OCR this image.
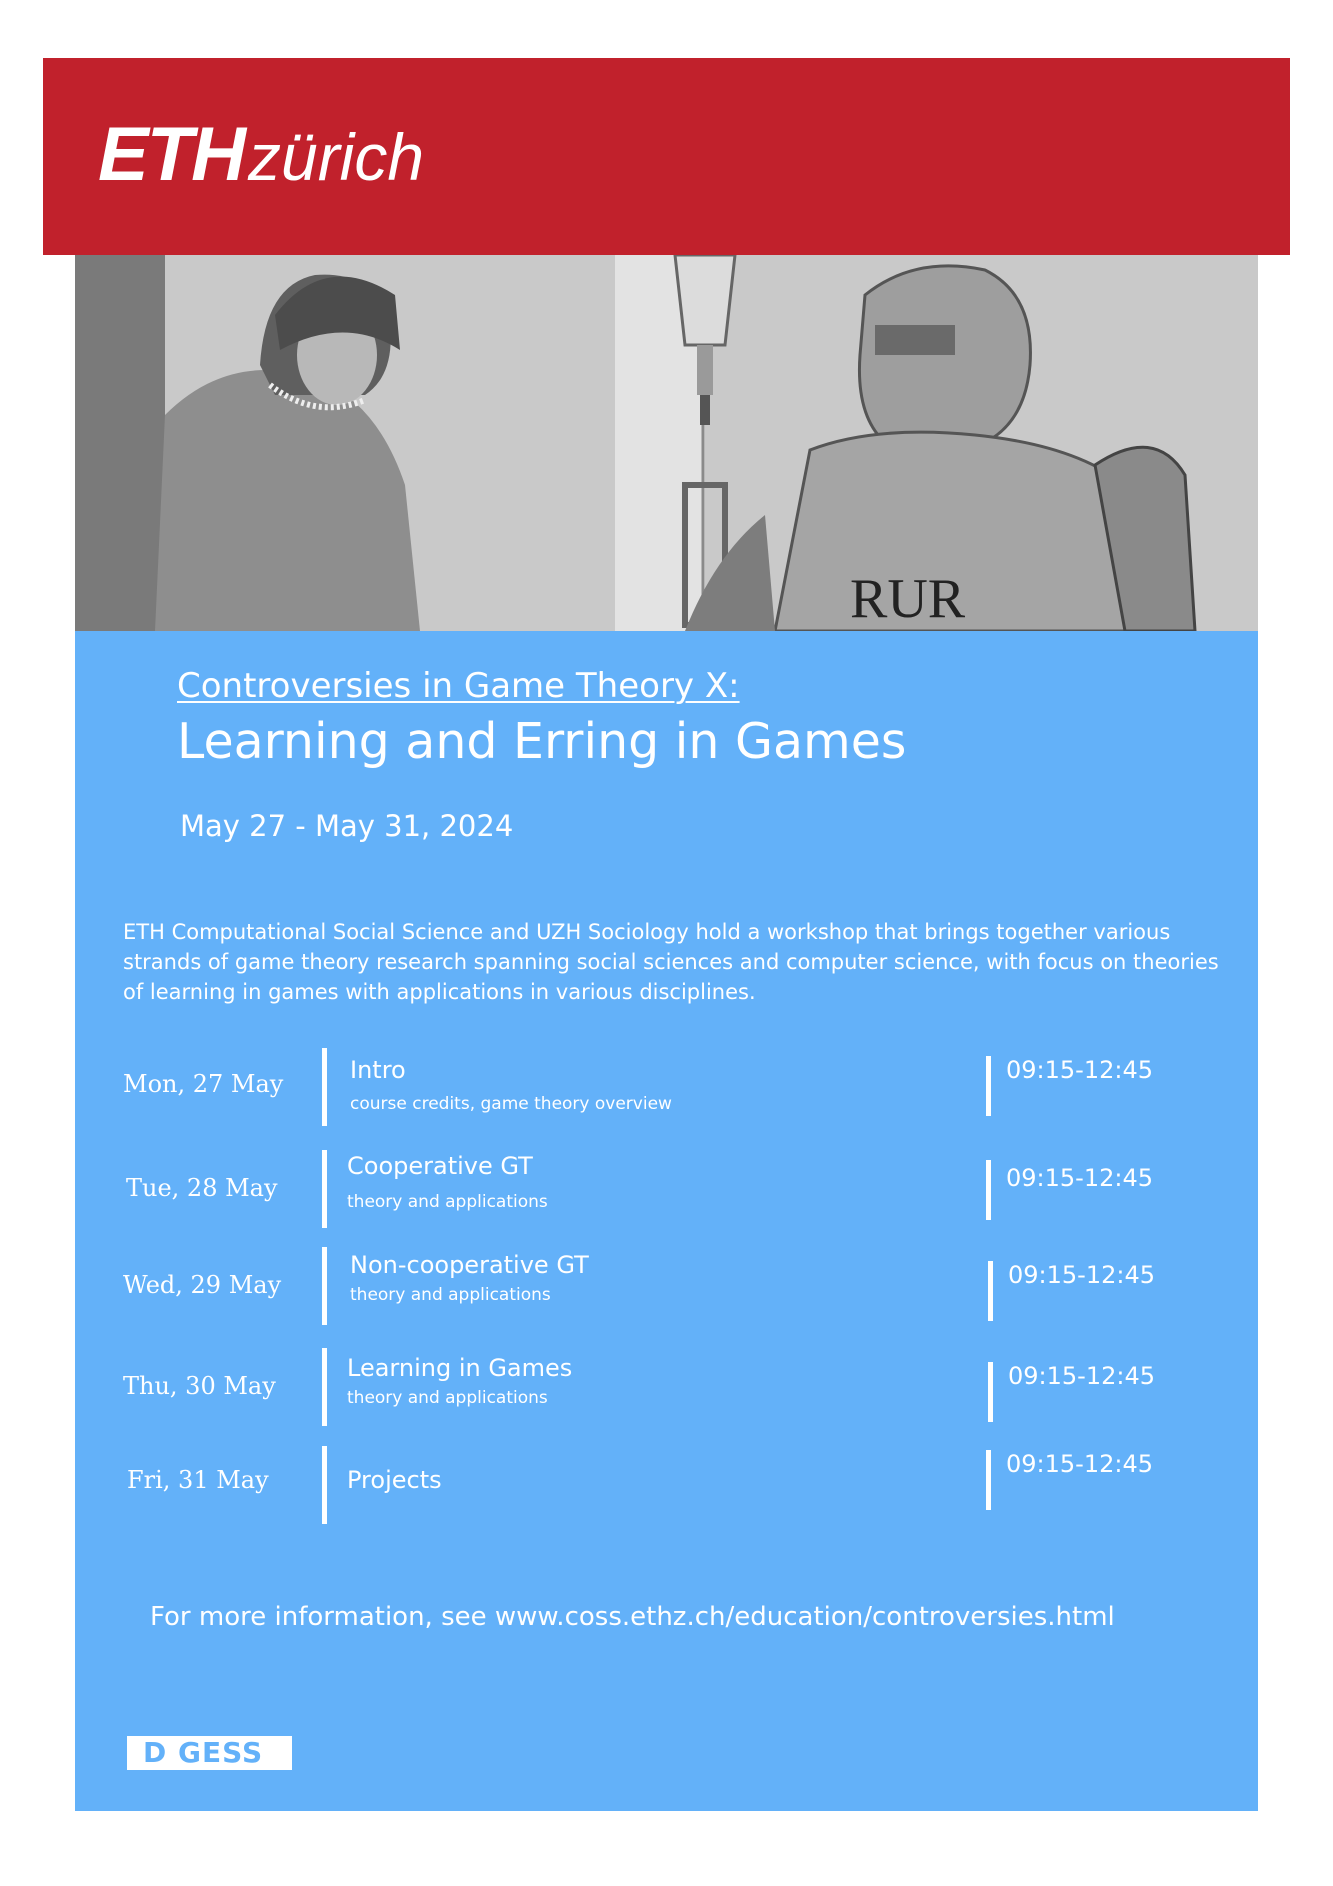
ETH zürich
RUR
Controversies in Game Theory X:
Learning and Erring in Games
May 27 - May 31, 2024
ETH Computational Social Science and UZH Sociology hold a workshop that brings together various strands of game theory research spanning social sciences and computer science, with focus on theories of learning in games with applications in various disciplines.
Mon, 27 May	Intro
course credits, game theory overview
09:15-12:45
Tue, 28 May
Cooperative GT
theory and applications
09:15-12:45
Wed, 29 May
Non-cooperative GT
theory and applications
09:15-12:45
Thu, 30 May
Learning in Games
theory and applications
09:15-12:45
Fri, 31 May	Projects
09:15-12:45
For more information, see www.coss.ethz.ch/education/controversies.html
D GESS
